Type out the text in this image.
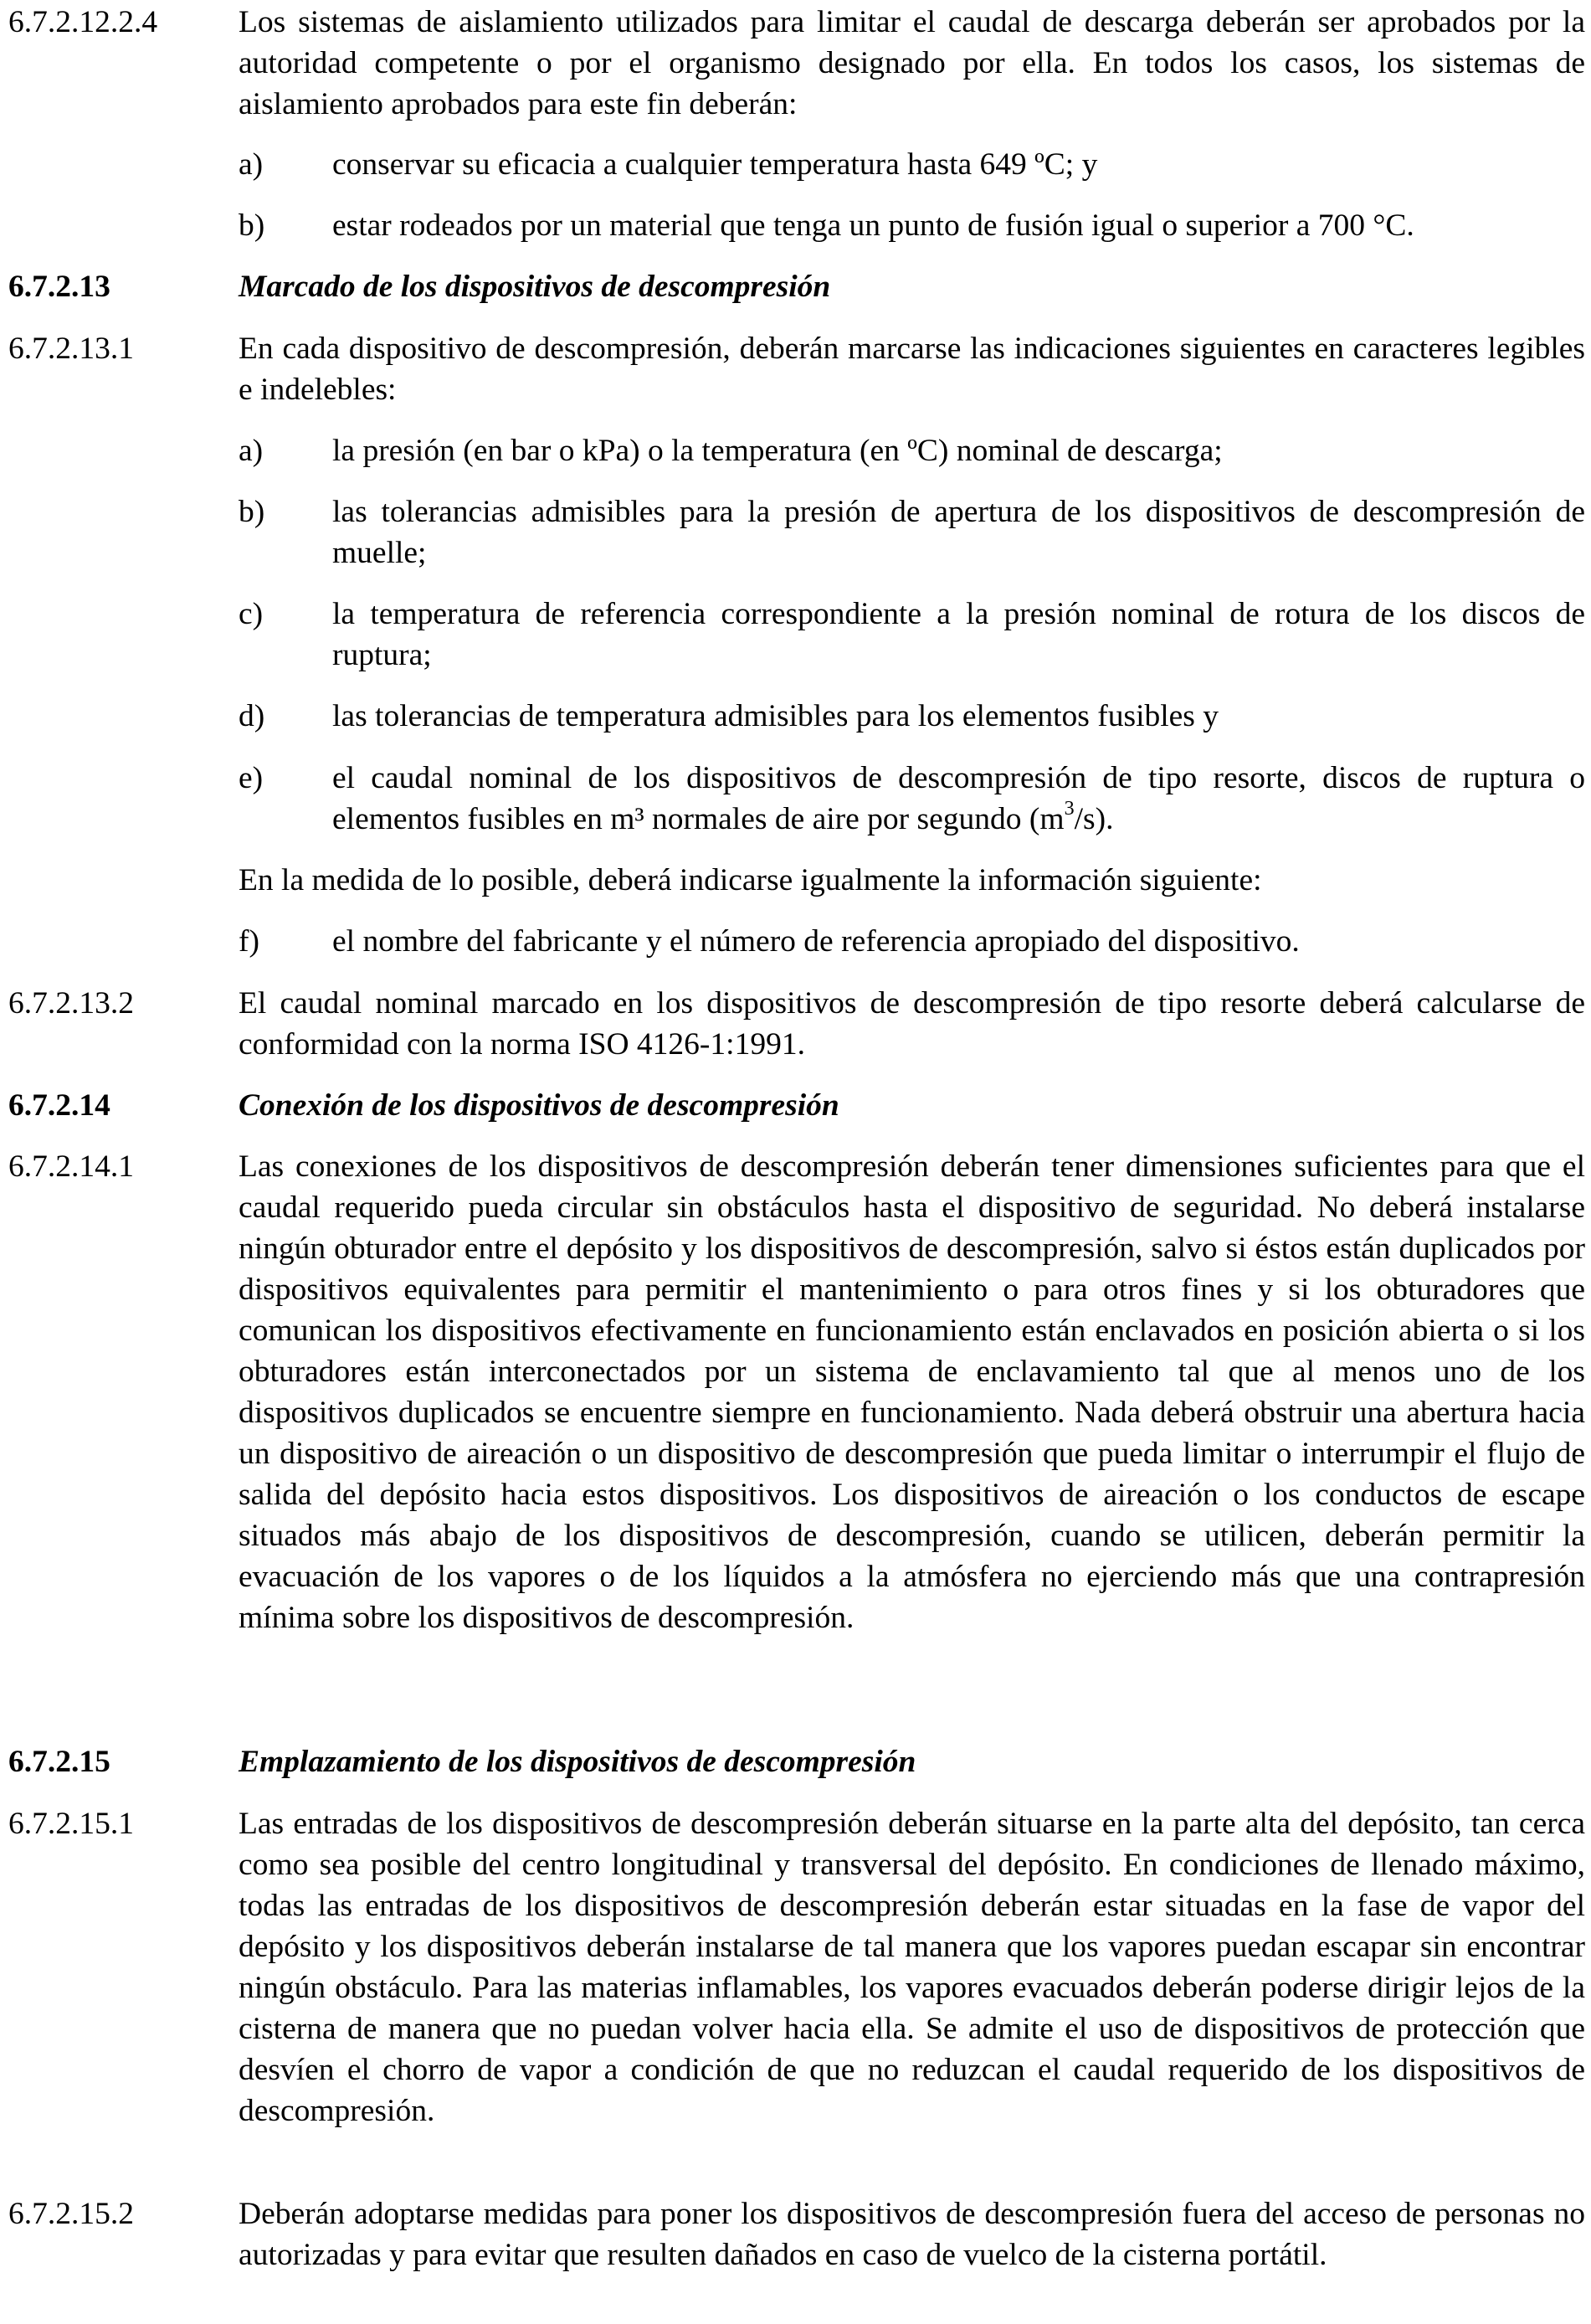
6.7.2.12.2.4	Los sistemas de aislamiento utilizados para limitar el caudal de descarga deberán ser aprobados por la autoridad competente o por el organismo designado por ella. En todos los casos, los sistemas de aislamiento aprobados para este fin deberán:
a) conservar su eficacia a cualquier temperatura hasta 649 ºC; y
b) estar rodeados por un material que tenga un punto de fusión igual o superior a 700 °C.
6.7.2.13	Marcado de los dispositivos de descompresión
6.7.2.13.1	En cada dispositivo de descompresión, deberán marcarse las indicaciones siguientes en caracteres legibles e indelebles:
a) la presión (en bar o kPa) o la temperatura (en ºC) nominal de descarga;
b) las tolerancias admisibles para la presión de apertura de los dispositivos de descompresión de muelle;
c) la temperatura de referencia correspondiente a la presión nominal de rotura de los discos de ruptura;
d) las tolerancias de temperatura admisibles para los elementos fusibles y
e) el caudal nominal de los dispositivos de descompresión de tipo resorte, discos de ruptura o elementos fusibles en m³ normales de aire por segundo $(m^3/s)$.
En la medida de lo posible, deberá indicarse igualmente la información siguiente:
f) el nombre del fabricante y el número de referencia apropiado del dispositivo.
6.7.2.13.2	El caudal nominal marcado en los dispositivos de descompresión de tipo resorte deberá calcularse de conformidad con la norma ISO 4126-1:1991.
6.7.2.14	Conexión de los dispositivos de descompresión
6.7.2.14.1	Las conexiones de los dispositivos de descompresión deberán tener dimensiones suficientes para que el caudal requerido pueda circular sin obstáculos hasta el dispositivo de seguridad. No deberá instalarse ningún obturador entre el depósito y los dispositivos de descompresión, salvo si éstos están duplicados por dispositivos equivalentes para permitir el mantenimiento o para otros fines y si los obturadores que comunican los dispositivos efectivamente en funcionamiento están enclavados en posición abierta o si los obturadores están interconectados por un sistema de enclavamiento tal que al menos uno de los dispositivos duplicados se encuentre siempre en funcionamiento. Nada deberá obstruir una abertura hacia un dispositivo de aireación o un dispositivo de descompresión que pueda limitar o interrumpir el flujo de salida del depósito hacia estos dispositivos. Los dispositivos de aireación o los conductos de escape situados más abajo de los dispositivos de descompresión, cuando se utilicen, deberán permitir la evacuación de los vapores o de los líquidos a la atmósfera no ejerciendo más que una contrapresión mínima sobre los dispositivos de descompresión.
6.7.2.15	Emplazamiento de los dispositivos de descompresión
6.7.2.15.1	Las entradas de los dispositivos de descompresión deberán situarse en la parte alta del depósito, tan cerca como sea posible del centro longitudinal y transversal del depósito. En condiciones de llenado máximo, todas las entradas de los dispositivos de descompresión deberán estar situadas en la fase de vapor del depósito y los dispositivos deberán instalarse de tal manera que los vapores puedan escapar sin encontrar ningún obstáculo. Para las materias inflamables, los vapores evacuados deberán poderse dirigir lejos de la cisterna de manera que no puedan volver hacia ella. Se admite el uso de dispositivos de protección que desvíen el chorro de vapor a condición de que no reduzcan el caudal requerido de los dispositivos de descompresión.
6.7.2.15.2	Deberán adoptarse medidas para poner los dispositivos de descompresión fuera del acceso de personas no autorizadas y para evitar que resulten dañados en caso de vuelco de la cisterna portátil.
